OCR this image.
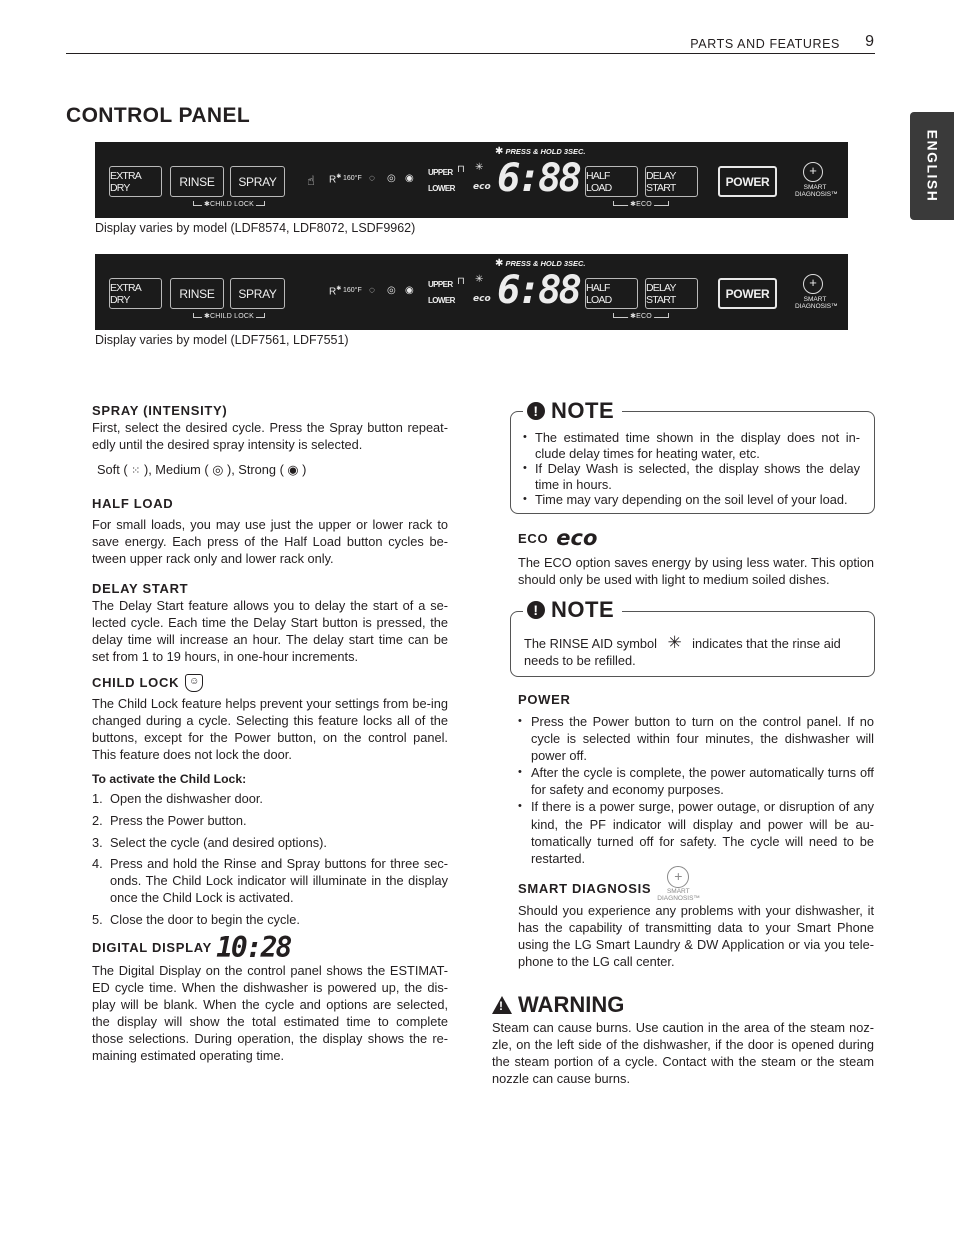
PARTS AND FEATURES 9
ENGLISH
CONTROL PANEL
EXTRA DRY	RINSE	SPRAY
✱CHILD LOCK
☝ R✱ 160°F ◌ ◎ ◉
UPPER
LOWER
⊓ ✳
eco
✱ PRESS & HOLD 3SEC.
6:88 HALF LOAD
DELAY START
✱ECO
POWER
+
SMART DIAGNOSIS™
Display varies by model (LDF8574, LDF8072, LSDF9962)
EXTRA DRY	RINSE	SPRAY
✱CHILD LOCK
R✱ 160°F ◌ ◎ ◉
UPPER
LOWER
⊓ ✳
eco
✱ PRESS & HOLD 3SEC.
6:88 HALF LOAD
DELAY START
✱ECO
POWER
+
SMART DIAGNOSIS™
Display varies by model (LDF7561, LDF7551)
SPRAY (INTENSITY)
First, select the desired cycle. Press the Spray button repeat-edly until the desired spray intensity is selected.
Soft ( ⁙ ), Medium ( ◎ ), Strong ( ◉ )
HALF LOAD
For small loads, you may use just the upper or lower rack to save energy. Each press of the Half Load button cycles be-tween upper rack only and lower rack only.
DELAY START
The Delay Start feature allows you to delay the start of a se-lected cycle. Each time the Delay Start button is pressed, the delay time will increase an hour. The delay start time can be set from 1 to 19 hours, in one-hour increments.
CHILD LOCK ☺
The Child Lock feature helps prevent your settings from be-ing changed during a cycle. Selecting this feature locks all of the buttons, except for the Power button, on the control panel. This feature does not lock the door.
To activate the Child Lock:
1. Open the dishwasher door.
2. Press the Power button.
3. Select the cycle (and desired options).
4. Press and hold the Rinse and Spray buttons for three sec-onds. The Child Lock indicator will illuminate in the display once the Child Lock is activated.
5. Close the door to begin the cycle.
DIGITAL DISPLAY 10:28
The Digital Display on the control panel shows the ESTIMAT-ED cycle time. When the dishwasher is powered up, the dis-play will be blank. When the cycle and options are selected, the display will show the total estimated time to complete those selections. During operation, the display shows the re-maining estimated operating time.
! NOTE
• The estimated time shown in the display does not in-clude delay times for heating water, etc.
• If Delay Wash is selected, the display shows the delay time in hours.
• Time may vary depending on the soil level of your load.
ECO eco
The ECO option saves energy by using less water. This option should only be used with light to medium soiled dishes.
! NOTE
The RINSE AID symbol ✳ indicates that the rinse aid
needs to be refilled.
POWER
• Press the Power button to turn on the control panel. If no cycle is selected within four minutes, the dishwasher will power off.
• After the cycle is complete, the power automatically turns off for safety and economy purposes.
• If there is a power surge, power outage, or disruption of any kind, the PF indicator will display and power will be au-tomatically turned off for safety. The cycle will need to be restarted.
SMART DIAGNOSIS
+
SMART DIAGNOSIS™
Should you experience any problems with your dishwasher, it has the capability of transmitting data to your Smart Phone using the LG Smart Laundry & DW Application or via you tele-phone to the LG call center.
! WARNING
Steam can cause burns. Use caution in the area of the steam noz-zle, on the left side of the dishwasher, if the door is opened during the steam portion of a cycle. Contact with the steam or the steam nozzle can cause burns.
